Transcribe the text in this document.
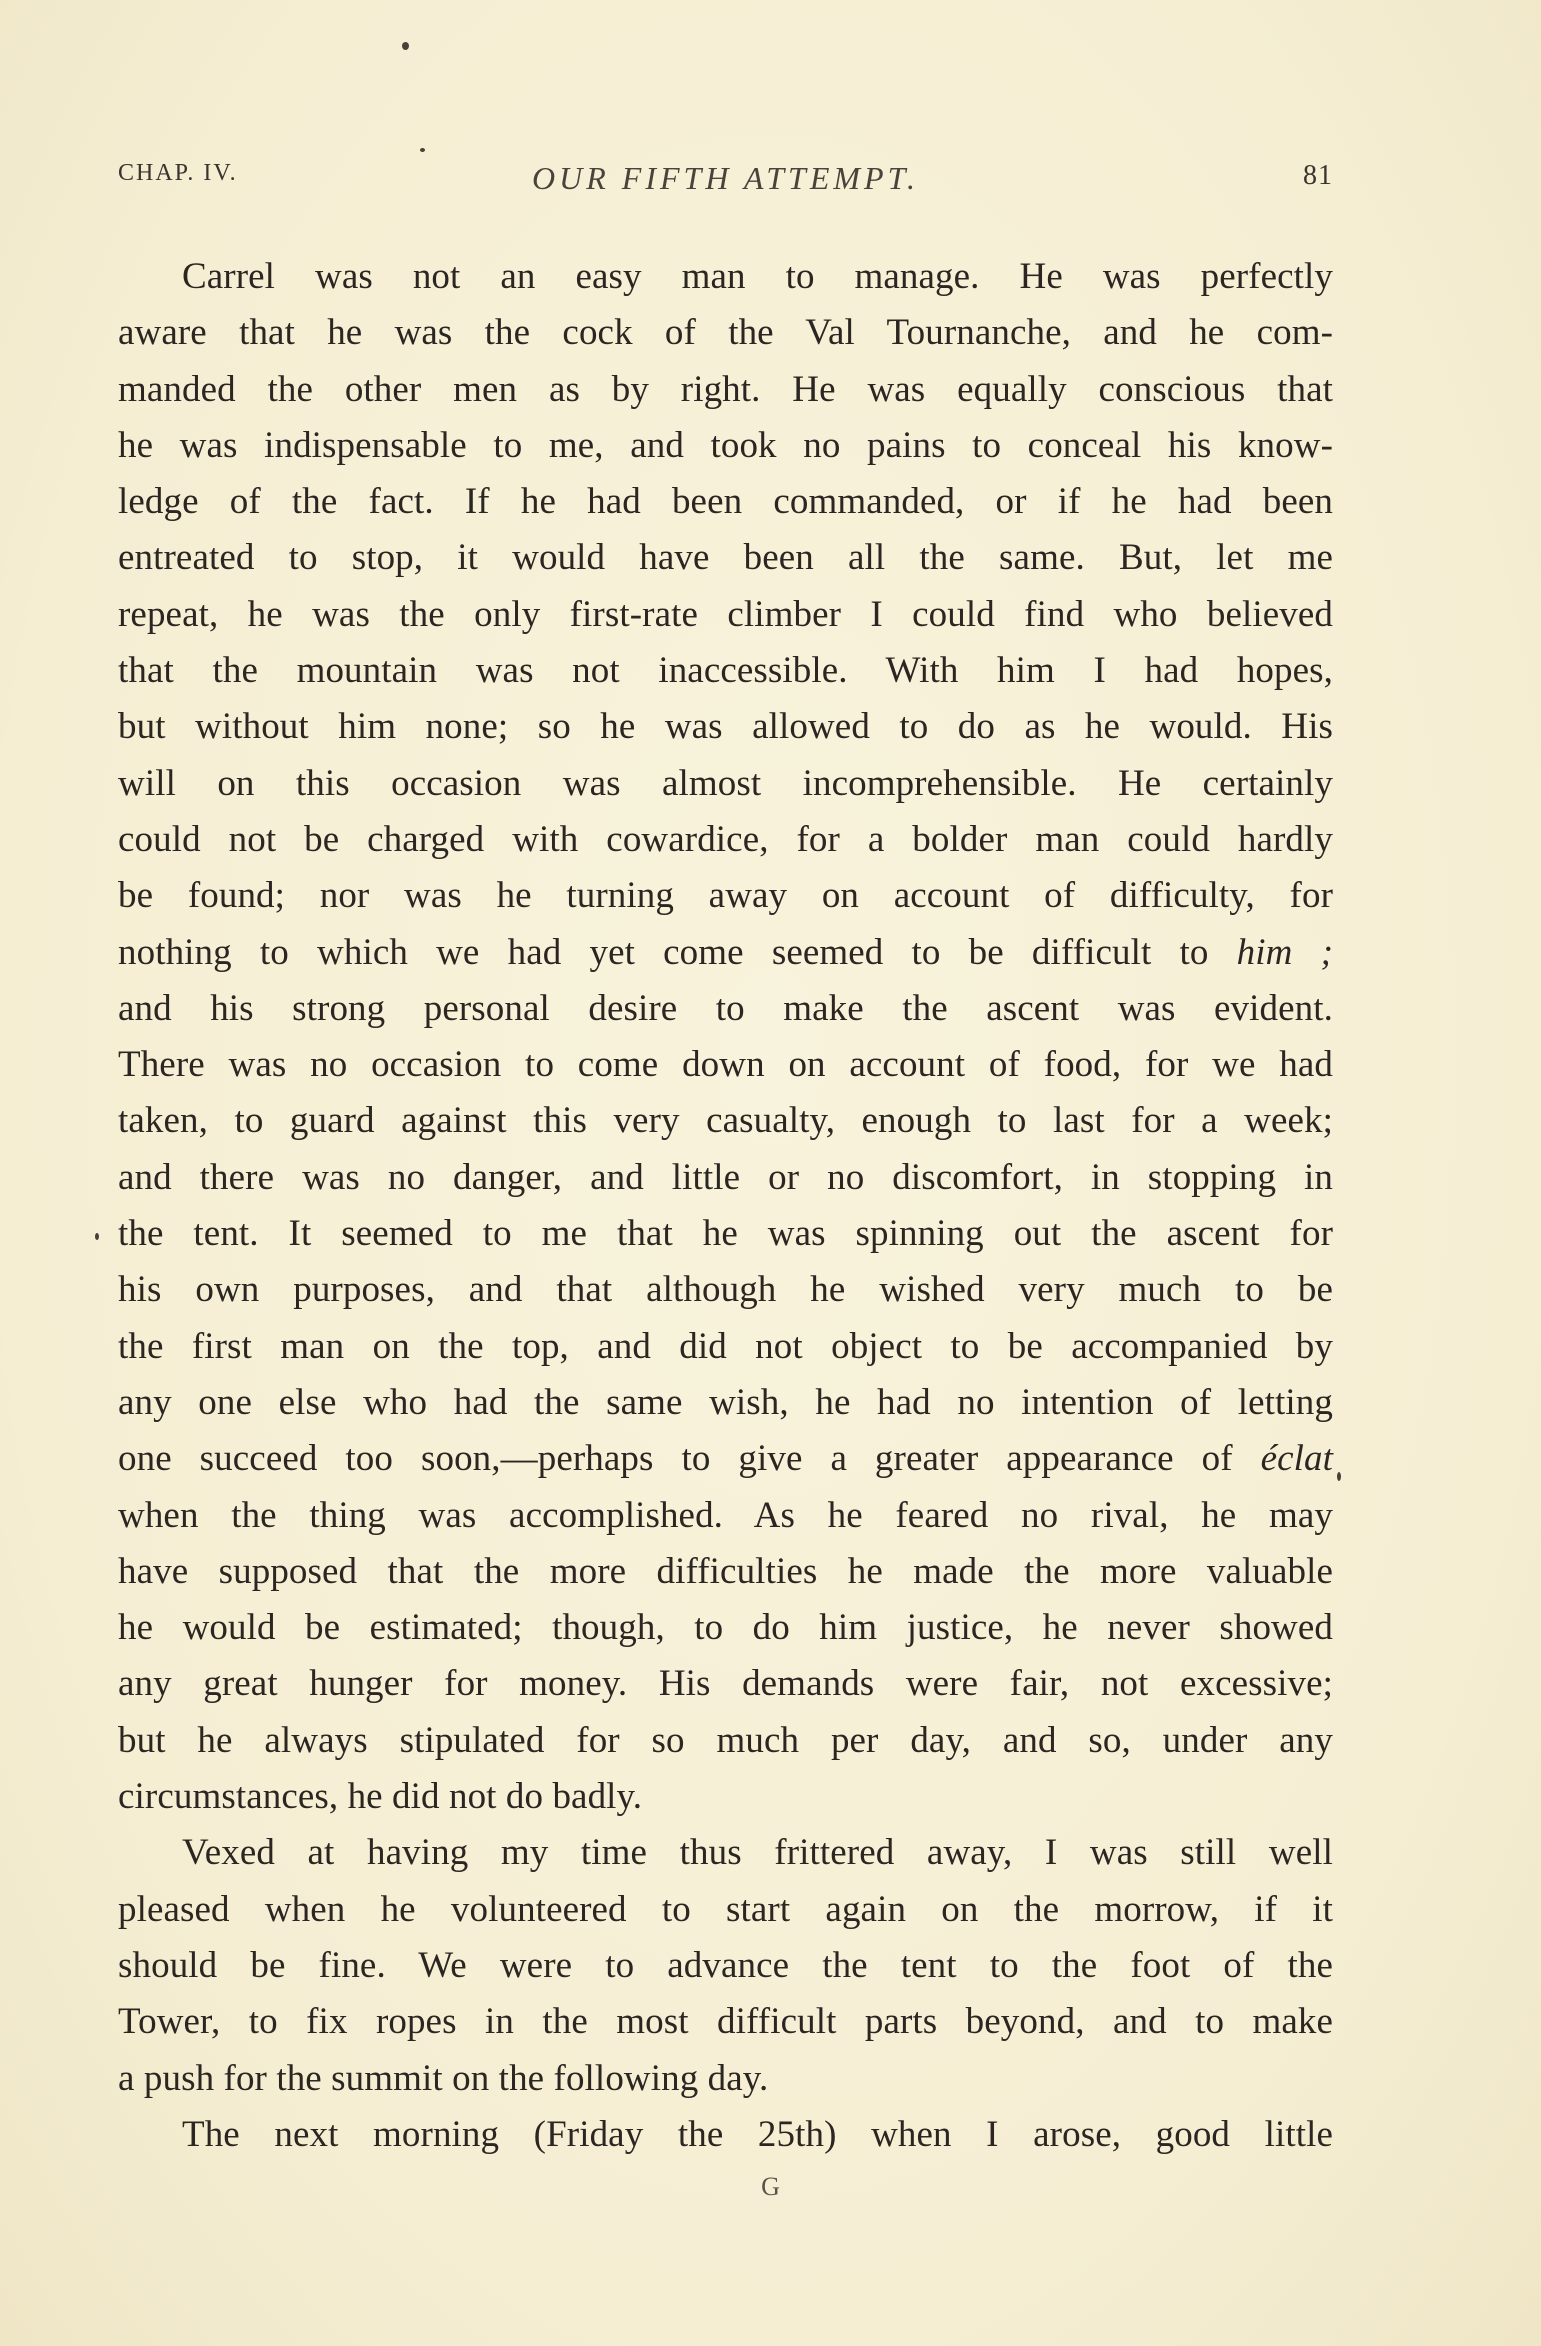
CHAP. IV.	OUR FIFTH ATTEMPT.	81
Carrel was not an easy man to manage. He was perfectly
aware that he was the cock of the Val Tournanche, and he com-
manded the other men as by right. He was equally conscious that
he was indispensable to me, and took no pains to conceal his know-
ledge of the fact. If he had been commanded, or if he had been
entreated to stop, it would have been all the same. But, let me
repeat, he was the only first-rate climber I could find who believed
that the mountain was not inaccessible. With him I had hopes,
but without him none; so he was allowed to do as he would. His
will on this occasion was almost incomprehensible. He certainly
could not be charged with cowardice, for a bolder man could hardly
be found; nor was he turning away on account of difficulty, for
nothing to which we had yet come seemed to be difficult to him ;
and his strong personal desire to make the ascent was evident.
There was no occasion to come down on account of food, for we had
taken, to guard against this very casualty, enough to last for a week;
and there was no danger, and little or no discomfort, in stopping in
the tent. It seemed to me that he was spinning out the ascent for
his own purposes, and that although he wished very much to be
the first man on the top, and did not object to be accompanied by
any one else who had the same wish, he had no intention of letting
one succeed too soon,—perhaps to give a greater appearance of éclat
when the thing was accomplished. As he feared no rival, he may
have supposed that the more difficulties he made the more valuable
he would be estimated; though, to do him justice, he never showed
any great hunger for money. His demands were fair, not excessive;
but he always stipulated for so much per day, and so, under any
circumstances, he did not do badly.
Vexed at having my time thus frittered away, I was still well
pleased when he volunteered to start again on the morrow, if it
should be fine. We were to advance the tent to the foot of the
Tower, to fix ropes in the most difficult parts beyond, and to make
a push for the summit on the following day.
The next morning (Friday the 25th) when I arose, good little
G
